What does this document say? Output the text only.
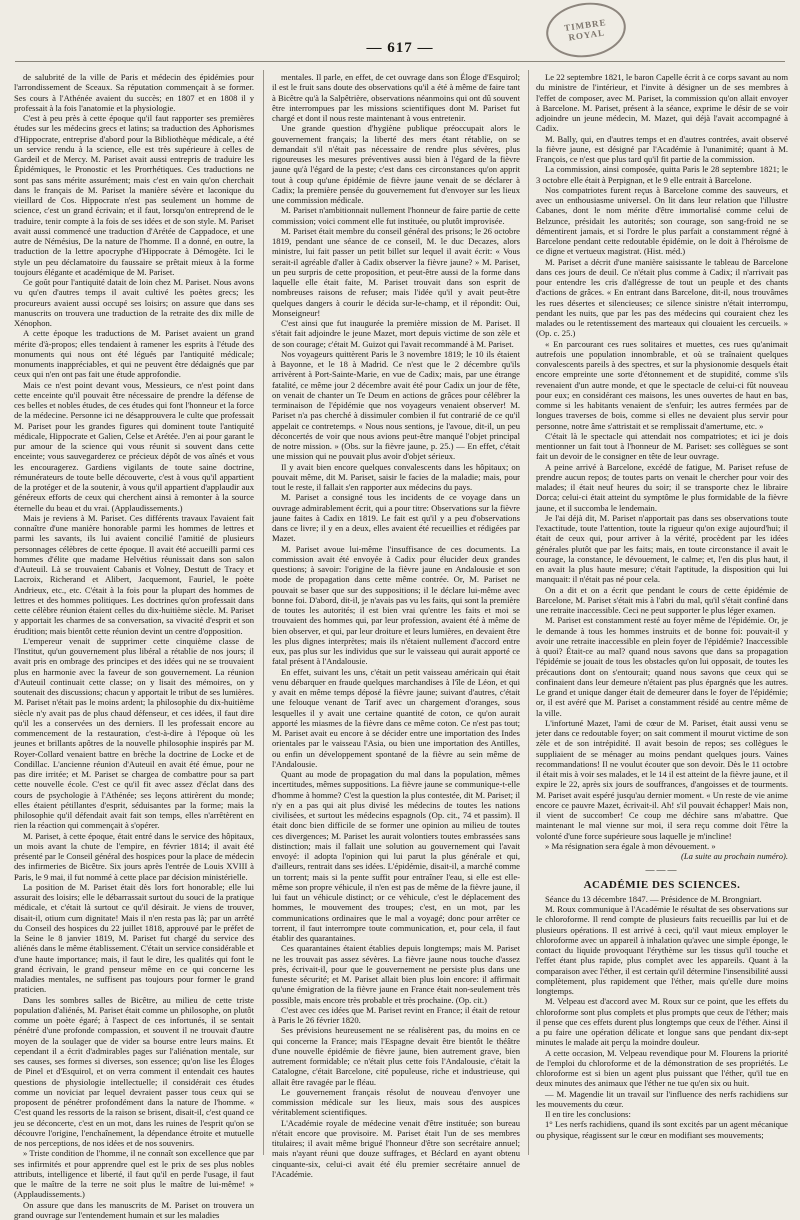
TIMBRE ROYAL
— 617 —

de salubrité de la ville de Paris et médecin des épidémies pour l'arrondissement de Sceaux. Sa réputation commençait à se former. Ses cours à l'Athénée avaient du succès; en 1807 et en 1808 il y professait à la fois l'anatomie et la physiologie.

C'est à peu près à cette époque qu'il faut rapporter ses premières études sur les médecins grecs et latins; sa traduction des Aphorismes d'Hippocrate, entreprise d'abord pour la Bibliothèque médicale, a été un service rendu à la science, elle est très supérieure à celles de Gardeil et de Mercy. M. Pariset avait aussi entrepris de traduire les Épidémiques, le Pronostic et les Prorrhétiques. Ces traductions ne sont pas sans mérite assurément; mais c'est en vain qu'on cherchait dans le français de M. Pariset la manière sévère et laconique du vieillard de Cos. Hippocrate n'est pas seulement un homme de science, c'est un grand écrivain; et il faut, lorsqu'on entreprend de le traduire, tenir compte à la fois de ses idées et de son style. M. Pariset avait aussi commencé une traduction d'Arétée de Cappadoce, et une autre de Némésius, De la nature de l'homme. Il a donné, en outre, la traduction de la lettre apocryphe d'Hippocrate à Démogète. Ici le style un peu déclamatoire du faussaire se prêtait mieux à la forme toujours élégante et académique de M. Pariset.

Ce goût pour l'antiquité datait de loin chez M. Pariset. Nous avons vu qu'en d'autres temps il avait cultivé les poètes grecs; les procureurs avaient aussi occupé ses loisirs; on assure que dans ses manuscrits on trouvera une traduction de la retraite des dix mille de Xénophon.

A cette époque les traductions de M. Pariset avaient un grand mérite d'à-propos; elles tendaient à ramener les esprits à l'étude des monuments qui nous ont été légués par l'antiquité médicale; monuments inappréciables, et qui ne peuvent être dédaignés que par ceux qui n'en ont pas fait une étude approfondie.

Mais ce n'est point devant vous, Messieurs, ce n'est point dans cette enceinte qu'il pouvait être nécessaire de prendre la défense de ces belles et nobles études, de ces études qui font l'honneur et la force de la médecine. Personne ici ne désapprouvera le culte que professait M. Pariset pour les grandes figures qui dominent toute l'antiquité médicale, Hippocrate et Galien, Celse et Arétée. J'en ai pour garant le pur amour de la science qui vous réunit si souvent dans cette enceinte; vous sauvegarderez ce précieux dépôt de vos aînés et vous les encouragerez. Gardiens vigilants de toute saine doctrine, rémunérateurs de toute belle découverte, c'est à vous qu'il appartient de la protéger et de la soutenir, à vous qu'il appartient d'applaudir aux généreux efforts de ceux qui cherchent ainsi à remonter à la source éternelle du beau et du vrai. (Applaudissements.)

Mais je reviens à M. Pariset. Ces différents travaux l'avaient fait connaître d'une manière honorable parmi les hommes de lettres et parmi les savants, ils lui avaient concilié l'amitié de plusieurs personnages célèbres de cette époque. Il avait été accueilli parmi ces hommes d'élite que madame Helvétius réunissait dans son salon d'Auteuil. Là se trouvaient Cabanis et Volney, Destutt de Tracy et Lacroix, Richerand et Alibert, Jacquemont, Fauriel, le poète Andrieux, etc., etc. C'était à la fois pour la plupart des hommes de lettres et des hommes politiques. Les doctrines qu'on professait dans cette célèbre réunion étaient celles du dix-huitième siècle. M. Pariset y apportait les charmes de sa conversation, sa vivacité d'esprit et son érudition; mais bientôt cette réunion devint un centre d'opposition.

L'empereur venait de supprimer cette cinquième classe de l'Institut, qu'un gouvernement plus libéral a rétablie de nos jours; il avait pris en ombrage des principes et des idées qui ne se trouvaient plus en harmonie avec la faveur de son gouvernement. La réunion d'Auteuil continuait cette classe; on y lisait des mémoires, on y soutenait des discussions; chacun y apportait le tribut de ses lumières. M. Pariset n'était pas le moins ardent; la philosophie du dix-huitième siècle n'y avait pas de plus chaud défenseur, et ces idées, il faut dire qu'il les a conservées un des derniers. Il les professait encore au commencement de la restauration, c'est-à-dire à l'époque où les jeunes et brillants apôtres de la nouvelle philosophie inspirés par M. Royer-Collard venaient battre en brèche la doctrine de Locke et de Condillac. L'ancienne réunion d'Auteuil en avait été émue, pour ne pas dire irritée; et M. Pariset se chargea de combattre pour sa part cette nouvelle école. C'est ce qu'il fit avec assez d'éclat dans des cours de psychologie à l'Athénée; ses leçons attirèrent du monde; elles étaient pétillantes d'esprit, séduisantes par la forme; mais la philosophie qu'il défendait avait fait son temps, elles n'arrêtèrent en rien la réaction qui commençait à s'opérer.

M. Pariset, à cette époque, était entré dans le service des hôpitaux, un mois avant la chute de l'empire, en février 1814; il avait été présenté par le Conseil général des hospices pour la place de médecin des infirmeries de Bicêtre. Six jours après l'entrée de Louis XVIII à Paris, le 9 mai, il fut nommé à cette place par décision ministérielle.

La position de M. Pariset était dès lors fort honorable; elle lui assurait des loisirs; elle le débarrassait surtout du souci de la pratique médicale, et c'était là surtout ce qu'il désirait. Je viens de trouver, disait-il, otium cum dignitate! Mais il n'en resta pas là; par un arrêté du Conseil des hospices du 22 juillet 1818, approuvé par le préfet de la Seine le 8 janvier 1819, M. Pariset fut chargé du service des aliénés dans le même établissement. C'était un service considérable et d'une haute importance; mais, il faut le dire, les qualités qui font le grand écrivain, le grand penseur même en ce qui concerne les maladies mentales, ne suffisent pas toujours pour former le grand praticien.

Dans les sombres salles de Bicêtre, au milieu de cette triste population d'aliénés, M. Pariset était comme un philosophe, on plutôt comme un poète égaré; à l'aspect de ces infortunés, il se sentait pénétré d'une profonde compassion, et souvent il ne trouvait d'autre moyen de la soulager que de vider sa bourse entre leurs mains. Et cependant il a écrit d'admirables pages sur l'aliénation mentale, sur ses causes, ses formes si diverses, son essence; qu'on lise les Éloges de Pinel et d'Esquirol, et on verra comment il entendait ces hautes questions de physiologie intellectuelle; il considérait ces études comme un noviciat par lequel devraient passer tous ceux qui se proposent de pénétrer profondément dans la nature de l'homme. « C'est quand les ressorts de la raison se brisent, disait-il, c'est quand ce jeu se déconcerte, c'est en un mot, dans les ruines de l'esprit qu'on se découvre l'origine, l'enchaînement, la dépendance étroite et mutuelle de nos perceptions, de nos idées et de nos souvenirs.

» Triste condition de l'homme, il ne connaît son excellence que par ses infirmités et pour apprendre quel est le prix de ses plus nobles attributs, intelligence et liberté, il faut qu'il en perde l'usage, il faut que le maître de la terre ne soit plus le maître de lui-même! » (Applaudissements.)

On assure que dans les manuscrits de M. Pariset on trouvera un grand ouvrage sur l'entendement humain et sur les maladies

mentales. Il parle, en effet, de cet ouvrage dans son Éloge d'Esquirol; il est le fruit sans doute des observations qu'il a été à même de faire tant à Bicêtre qu'à la Salpêtrière, observations néanmoins qui ont dû souvent être interrompues par les missions scientifiques dont M. Pariset fut chargé et dont il nous reste maintenant à vous entretenir.

Une grande question d'hygiène publique préoccupait alors le gouvernement français; la liberté des mers étant rétablie, on se demandait s'il n'était pas nécessaire de rendre plus sévères, plus rigoureuses les mesures préventives aussi bien à l'égard de la fièvre jaune qu'à l'égard de la peste; c'est dans ces circonstances qu'on apprit tout à coup qu'une épidémie de fièvre jaune venait de se déclarer à Cadix; la première pensée du gouvernement fut d'envoyer sur les lieux une commission médicale.

M. Pariset n'ambitionnait nullement l'honneur de faire partie de cette commission; voici comment elle fut instituée, ou plutôt improvisée.

M. Pariset était membre du conseil général des prisons; le 26 octobre 1819, pendant une séance de ce conseil, M. le duc Decazes, alors ministre, lui fait passer un petit billet sur lequel il avait écrit: « Vous serait-il agréable d'aller à Cadix observer la fièvre jaune? » M. Pariset, un peu surpris de cette proposition, et peut-être aussi de la forme dans laquelle elle était faite, M. Pariset trouvait dans son esprit de nombreuses raisons de refuser; mais l'idée qu'il y avait peut-être quelques dangers à courir le décida sur-le-champ, et il répondit: Oui, Monseigneur!

C'est ainsi que fut inaugurée la première mission de M. Pariset. Il s'était fait adjoindre le jeune Mazet, mort depuis victime de son zèle et de son courage; c'était M. Guizot qui l'avait recommandé à M. Pariset.

Nos voyageurs quittèrent Paris le 3 novembre 1819; le 10 ils étaient à Bayonne, et le 18 à Madrid. Ce n'est que le 2 décembre qu'ils arrivèrent à Port-Sainte-Marie, en vue de Cadix; mais, par une étrange fatalité, ce même jour 2 décembre avait été pour Cadix un jour de fête, on venait de chanter un Te Deum en actions de grâces pour célébrer la terminaison de l'épidémie que nos voyageurs venaient observer! M. Pariset n'a pas cherché à dissimuler combien il fut contrarié de ce qu'il appelait ce contretemps. « Nous nous sentions, je l'avoue, dit-il, un peu déconcertés de voir que nous avions peut-être manqué l'objet principal de notre mission. » (Obs. sur la fièvre jaune, p. 25.) — En effet, c'était une mission qui ne pouvait plus avoir d'objet sérieux.

Il y avait bien encore quelques convalescents dans les hôpitaux; on pouvait même, dit M. Pariset, saisir le facies de la maladie; mais, pour tout le reste, il fallait s'en rapporter aux médecins du pays.

M. Pariset a consigné tous les incidents de ce voyage dans un ouvrage admirablement écrit, qui a pour titre: Observations sur la fièvre jaune faites à Cadix en 1819. Le fait est qu'il y a peu d'observations dans ce livre; il y en a deux, elles avaient été recueillies et rédigées par Mazet.

M. Pariset avoue lui-même l'insuffisance de ces documents. La commission avait été envoyée à Cadix pour élucider deux grandes questions; à savoir: l'origine de la fièvre jaune en Andalousie et son mode de propagation dans cette même contrée. Or, M. Pariset ne pouvait se baser que sur des suppositions; il le déclare lui-même avec bonne foi. D'abord, dit-il, je n'avais pas vu les faits, qui sont la première de toutes les autorités; il est bien vrai qu'entre les faits et moi se trouvaient des hommes qui, par leur profession, avaient été à même de bien observer, et qui, par leur droiture et leurs lumières, en devaient être les plus dignes interprètes; mais ils n'étaient nullement d'accord entre eux, pas plus sur les individus que sur le vaisseau qui aurait apporté ce fatal présent à l'Andalousie.

En effet, suivant les uns, c'était un petit vaisseau américain qui était venu débarquer en fraude quelques marchandises à l'île de Léon, et qui y avait en même temps déposé la fièvre jaune; suivant d'autres, c'était une felouque venant de Tarif avec un chargement d'oranges, sous lesquelles il y avait une certaine quantité de coton, ce qu'on aurait apporté les miasmes de la fièvre dans ce même coton. Ce n'est pas tout; M. Pariset avait eu encore à se décider entre une importation des Indes orientales par le vaisseau l'Asia, ou bien une importation des Antilles, ou enfin un développement spontané de la fièvre au sein même de l'Andalousie.

Quant au mode de propagation du mal dans la population, mêmes incertitudes, mêmes suppositions. La fièvre jaune se communique-t-elle d'homme à homme? C'est la question la plus contestée, dit M. Pariset; il n'y en a pas qui ait plus divisé les médecins de toutes les nations civilisées, et surtout les médecins espagnols (Op. cit., 74 et passim). Il était donc bien difficile de se former une opinion au milieu de toutes ces divergences; M. Pariset les aurait volontiers toutes embrassées sans distinction; mais il fallait une solution au gouvernement qui l'avait envoyé: il adopta l'opinion qui lui parut la plus générale et qui, d'ailleurs, rentrait dans ses idées. L'épidémie, disait-il, a marché comme un torrent; mais si la pente suffit pour entraîner l'eau, si elle est elle-même son propre véhicule, il n'en est pas de même de la fièvre jaune, il lui faut un véhicule distinct; or ce véhicule, c'est le déplacement des hommes, le mouvement des troupes; c'est, en un mot, par les communications ordinaires que le mal a voyagé; donc pour arrêter ce torrent, il faut interrompre toute communication, et, pour cela, il faut établir des quarantaines.

Ces quarantaines étaient établies depuis longtemps; mais M. Pariset ne les trouvait pas assez sévères. La fièvre jaune nous touche d'assez près, écrivait-il, pour que le gouvernement ne persiste plus dans une funeste sécurité; et M. Pariset allait bien plus loin encore: il affirmait qu'une émigration de la fièvre jaune en France était non-seulement très possible, mais encore très probable et très prochaine. (Op. cit.)

C'est avec ces idées que M. Pariset revint en France; il était de retour à Paris le 26 février 1820.

Ses prévisions heureusement ne se réalisèrent pas, du moins en ce qui concerne la France; mais l'Espagne devait être bientôt le théâtre d'une nouvelle épidémie de fièvre jaune, bien autrement grave, bien autrement formidable; ce n'était plus cette fois l'Andalousie, c'était la Catalogne, c'était Barcelone, cité populeuse, riche et industrieuse, qui allait être ravagée par le fléau.

Le gouvernement français résolut de nouveau d'envoyer une commission médicale sur les lieux, mais sous des auspices véritablement scientifiques.

L'Académie royale de médecine venait d'être instituée; son bureau n'était encore que provisoire. M. Pariset était l'un de ses membres titulaires; il avait même brigué l'honneur d'être son secrétaire annuel; mais n'ayant réuni que douze suffrages, et Béclard en ayant obtenu cinquante-six, celui-ci avait été élu premier secrétaire annuel de l'Académie.

Le 22 septembre 1821, le baron Capelle écrit à ce corps savant au nom du ministre de l'intérieur, et l'invite à désigner un de ses membres à l'effet de composer, avec M. Pariset, la commission qu'on allait envoyer à Barcelone. M. Pariset, présent à la séance, exprime le désir de se voir adjoindre un jeune médecin, M. Mazet, qui déjà l'avait accompagné à Cadix.

M. Bally, qui, en d'autres temps et en d'autres contrées, avait observé la fièvre jaune, est désigné par l'Académie à l'unanimité; quant à M. François, ce n'est que plus tard qu'il fit partie de la commission.

La commission, ainsi composée, quitta Paris le 28 septembre 1821; le 3 octobre elle était à Perpignan, et le 9 elle entrait à Barcelone.

Nos compatriotes furent reçus à Barcelone comme des sauveurs, et avec un enthousiasme universel. On lit dans leur relation que l'illustre Cabanes, dont le nom mérite d'être immortalisé comme celui de Belzunce, présidait les autorités; son courage, son sang-froid ne se démentirent jamais, et si l'ordre le plus parfait a constamment régné à Barcelone pendant cette redoutable épidémie, on le doit à l'héroïsme de ce digne et vertueux magistrat. (Hist. méd.)

M. Pariset a décrit d'une manière saisissante le tableau de Barcelone dans ces jours de deuil. Ce n'était plus comme à Cadix; il n'arrivait pas pour entendre les cris d'allégresse de tout un peuple et des chants d'actions de grâces. « En entrant dans Barcelone, dit-il, nous trouvâmes les rues désertes et silencieuses; ce silence sinistre n'était interrompu, pendant les nuits, que par les pas des médecins qui couraient chez les malades ou le retentissement des marteaux qui clouaient les cercueils. » (Op. c. 25.)

« En parcourant ces rues solitaires et muettes, ces rues qu'animait autrefois une population innombrable, et où se traînaient quelques convalescents pareils à des spectres, et sur la physionomie desquels était encore empreinte une sorte d'étonnement et de stupidité, comme s'ils revenaient d'un autre monde, et que le spectacle de celui-ci fût nouveau pour eux; en considérant ces maisons, les unes ouvertes de haut en bas, comme si les habitants venaient de s'enfuir; les autres fermées par de longues traverses de bois, comme si elles ne devaient plus servir pour personne, notre âme s'attristait et se remplissait d'amertume, etc. »

C'était là le spectacle qui attendait nos compatriotes; et ici je dois mentionner un fait tout à l'honneur de M. Pariset: ses collègues se sont fait un devoir de le consigner en tête de leur ouvrage.

A peine arrivé à Barcelone, excédé de fatigue, M. Pariset refuse de prendre aucun repos; de toutes parts on venait le chercher pour voir des malades; il était neuf heures du soir; il se transporte chez le libraire Dorca; celui-ci était atteint du symptôme le plus formidable de la fièvre jaune, et il succomba le lendemain.

Je l'ai déjà dit, M. Pariset n'apportait pas dans ses observations toute l'exactitude, toute l'attention, toute la rigueur qu'on exige aujourd'hui; il était de ceux qui, pour arriver à la vérité, procèdent par les idées générales plutôt que par les faits; mais, en toute circonstance il avait le courage, la constance, le dévouement, le calme; et, l'en dis plus haut, il en avait la plus haute mesure; c'était l'aptitude, la disposition qui lui manquait: il n'était pas né pour cela.

On a dit et on a écrit que pendant le cours de cette épidémie de Barcelone, M. Pariset s'était mis à l'abri du mal, qu'il s'était confiné dans une retraite inaccessible. Ceci ne peut supporter le plus léger examen.

M. Pariset est constamment resté au foyer même de l'épidémie. Or, je le demande à tous les hommes instruits et de bonne foi: pouvait-il y avoir une retraite inaccessible en plein foyer de l'épidémie? Inaccessible à quoi? Était-ce au mal? quand nous savons que dans sa propagation l'épidémie se jouait de tous les obstacles qu'on lui opposait, de toutes les précautions dont on s'entourait; quand nous savons que ceux qui se confinaient dans leur demeure n'étaient pas plus épargnés que les autres. Le grand et unique danger était de demeurer dans le foyer de l'épidémie; or, il est avéré que M. Pariset a constamment résidé au centre même de la ville.

L'infortuné Mazet, l'ami de cœur de M. Pariset, était aussi venu se jeter dans ce redoutable foyer; on sait comment il mourut victime de son zèle et de son intrépidité. Il avait besoin de repos; ses collègues le suppliaient de se ménager au moins pendant quelques jours. Vaines recommandations! Il ne voulut écouter que son devoir. Dès le 11 octobre il était mis à voir ses malades, et le 14 il est atteint de la fièvre jaune, et il expire le 22, après six jours de souffrances, d'angoisses et de tourments. M. Pariset avait espéré jusqu'au dernier moment. « Un reste de vie anime encore ce pauvre Mazet, écrivait-il. Ah! s'il pouvait échapper! Mais non, il vient de succomber! Ce coup me déchire sans m'abattre. Que maintenant le mal vienne sur moi, il sera reçu comme doit l'être la volonté d'une force supérieure sous laquelle je m'incline!

» Ma résignation sera égale à mon dévouement. »

(La suite au prochain numéro).

———
ACADÉMIE DES SCIENCES.

Séance du 13 décembre 1847. — Présidence de M. Brongniart.

M. Roux communique à l'Académie le résultat de ses observations sur le chloroforme. Il rend compte de plusieurs faits recueillis par lui et de plusieurs opérations. Il est arrivé à ceci, qu'il vaut mieux employer le chloroforme avec un appareil à inhalation qu'avec une simple éponge, le contact du liquide provoquant l'érythème sur les tissus qu'il touche et l'effet étant plus rapide, plus complet avec les appareils. Quant à la comparaison avec l'éther, il est certain qu'il détermine l'insensibilité aussi complètement, plus rapidement que l'éther, mais qu'elle dure moins longtemps.

M. Velpeau est d'accord avec M. Roux sur ce point, que les effets du chloroforme sont plus complets et plus prompts que ceux de l'éther; mais il pense que ces effets durent plus longtemps que ceux de l'éther. Ainsi il a pu faire une opération délicate et longue sans que pendant dix-sept minutes le malade ait perçu la moindre douleur.

A cette occasion, M. Velpeau revendique pour M. Flourens la priorité de l'emploi du chloroforme et de la démonstration de ses propriétés. Le chloroforme est si bien un agent plus puissant que l'éther, qu'il tue en deux minutes des animaux que l'éther ne tue qu'en six ou huit.

— M. Magendie lit un travail sur l'influence des nerfs rachidiens sur les mouvements du cœur.

Il en tire les conclusions:

1° Les nerfs rachidiens, quand ils sont excités par un agent mécanique ou physique, réagissent sur le cœur en modifiant ses mouvements;
